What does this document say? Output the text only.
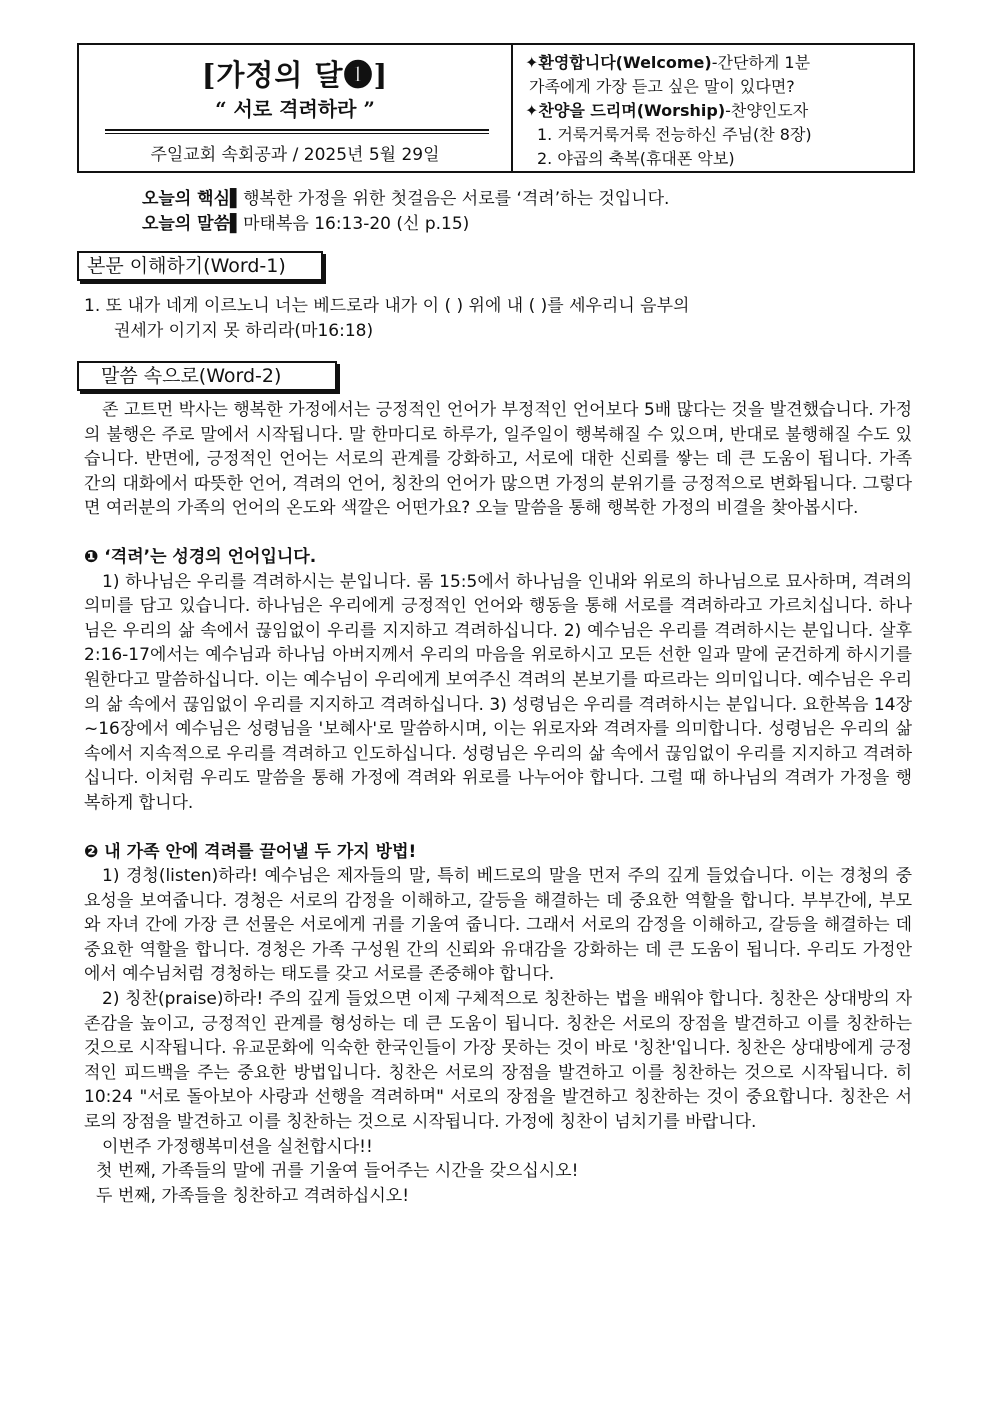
[가정의 달❶]
“ 서로 격려하라 ”
주일교회 속회공과 / 2025년 5월 29일
✦환영합니다(Welcome)-간단하게 1분
가족에게 가장 듣고 싶은 말이 있다면?
✦찬양을 드리며(Worship)-찬양인도자
1. 거룩거룩거룩 전능하신 주님(찬 8장)
2. 야곱의 축복(휴대폰 악보)
오늘의 핵심▌행복한 가정을 위한 첫걸음은 서로를 ‘격려’하는 것입니다.
오늘의 말씀▌마태복음 16:13-20 (신 p.15)
본문 이해하기(Word-1)

1. 또 내가 네게 이르노니 너는 베드로라 내가 이 ( ) 위에 내 ( )를 세우리니 음부의

권세가 이기지 못 하리라(마16:18)

말씀 속으로(Word-2)

존 고트먼 박사는 행복한 가정에서는 긍정적인 언어가 부정적인 언어보다 5배 많다는 것을 발견했습니다. 가정의 불행은 주로 말에서 시작됩니다. 말 한마디로 하루가, 일주일이 행복해질 수 있으며, 반대로 불행해질 수도 있습니다. 반면에, 긍정적인 언어는 서로의 관계를 강화하고, 서로에 대한 신뢰를 쌓는 데 큰 도움이 됩니다. 가족 간의 대화에서 따뜻한 언어, 격려의 언어, 칭찬의 언어가 많으면 가정의 분위기를 긍정적으로 변화됩니다. 그렇다면 여러분의 가족의 언어의 온도와 색깔은 어떤가요? 오늘 말씀을 통해 행복한 가정의 비결을 찾아봅시다.

❶ ‘격려’는 성경의 언어입니다.

1) 하나님은 우리를 격려하시는 분입니다. 롬 15:5에서 하나님을 인내와 위로의 하나님으로 묘사하며, 격려의 의미를 담고 있습니다. 하나님은 우리에게 긍정적인 언어와 행동을 통해 서로를 격려하라고 가르치십니다. 하나님은 우리의 삶 속에서 끊임없이 우리를 지지하고 격려하십니다. 2) 예수님은 우리를 격려하시는 분입니다. 살후 2:16-17에서는 예수님과 하나님 아버지께서 우리의 마음을 위로하시고 모든 선한 일과 말에 굳건하게 하시기를 원한다고 말씀하십니다. 이는 예수님이 우리에게 보여주신 격려의 본보기를 따르라는 의미입니다. 예수님은 우리의 삶 속에서 끊임없이 우리를 지지하고 격려하십니다. 3) 성령님은 우리를 격려하시는 분입니다. 요한복음 14장~16장에서 예수님은 성령님을 '보혜사'로 말씀하시며, 이는 위로자와 격려자를 의미합니다. 성령님은 우리의 삶 속에서 지속적으로 우리를 격려하고 인도하십니다. 성령님은 우리의 삶 속에서 끊임없이 우리를 지지하고 격려하십니다. 이처럼 우리도 말씀을 통해 가정에 격려와 위로를 나누어야 합니다. 그럴 때 하나님의 격려가 가정을 행복하게 합니다.

❷ 내 가족 안에 격려를 끌어낼 두 가지 방법!

1) 경청(listen)하라! 예수님은 제자들의 말, 특히 베드로의 말을 먼저 주의 깊게 들었습니다. 이는 경청의 중요성을 보여줍니다. 경청은 서로의 감정을 이해하고, 갈등을 해결하는 데 중요한 역할을 합니다. 부부간에, 부모와 자녀 간에 가장 큰 선물은 서로에게 귀를 기울여 줍니다. 그래서 서로의 감정을 이해하고, 갈등을 해결하는 데 중요한 역할을 합니다. 경청은 가족 구성원 간의 신뢰와 유대감을 강화하는 데 큰 도움이 됩니다. 우리도 가정안에서 예수님처럼 경청하는 태도를 갖고 서로를 존중해야 합니다.

2) 칭찬(praise)하라! 주의 깊게 들었으면 이제 구체적으로 칭찬하는 법을 배워야 합니다. 칭찬은 상대방의 자존감을 높이고, 긍정적인 관계를 형성하는 데 큰 도움이 됩니다. 칭찬은 서로의 장점을 발견하고 이를 칭찬하는 것으로 시작됩니다. 유교문화에 익숙한 한국인들이 가장 못하는 것이 바로 '칭찬'입니다. 칭찬은 상대방에게 긍정적인 피드백을 주는 중요한 방법입니다. 칭찬은 서로의 장점을 발견하고 이를 칭찬하는 것으로 시작됩니다. 히 10:24 "서로 돌아보아 사랑과 선행을 격려하며" 서로의 장점을 발견하고 칭찬하는 것이 중요합니다. 칭찬은 서로의 장점을 발견하고 이를 칭찬하는 것으로 시작됩니다. 가정에 칭찬이 넘치기를 바랍니다.

이번주 가정행복미션을 실천합시다!!

첫 번째, 가족들의 말에 귀를 기울여 들어주는 시간을 갖으십시오!

두 번째, 가족들을 칭찬하고 격려하십시오!
